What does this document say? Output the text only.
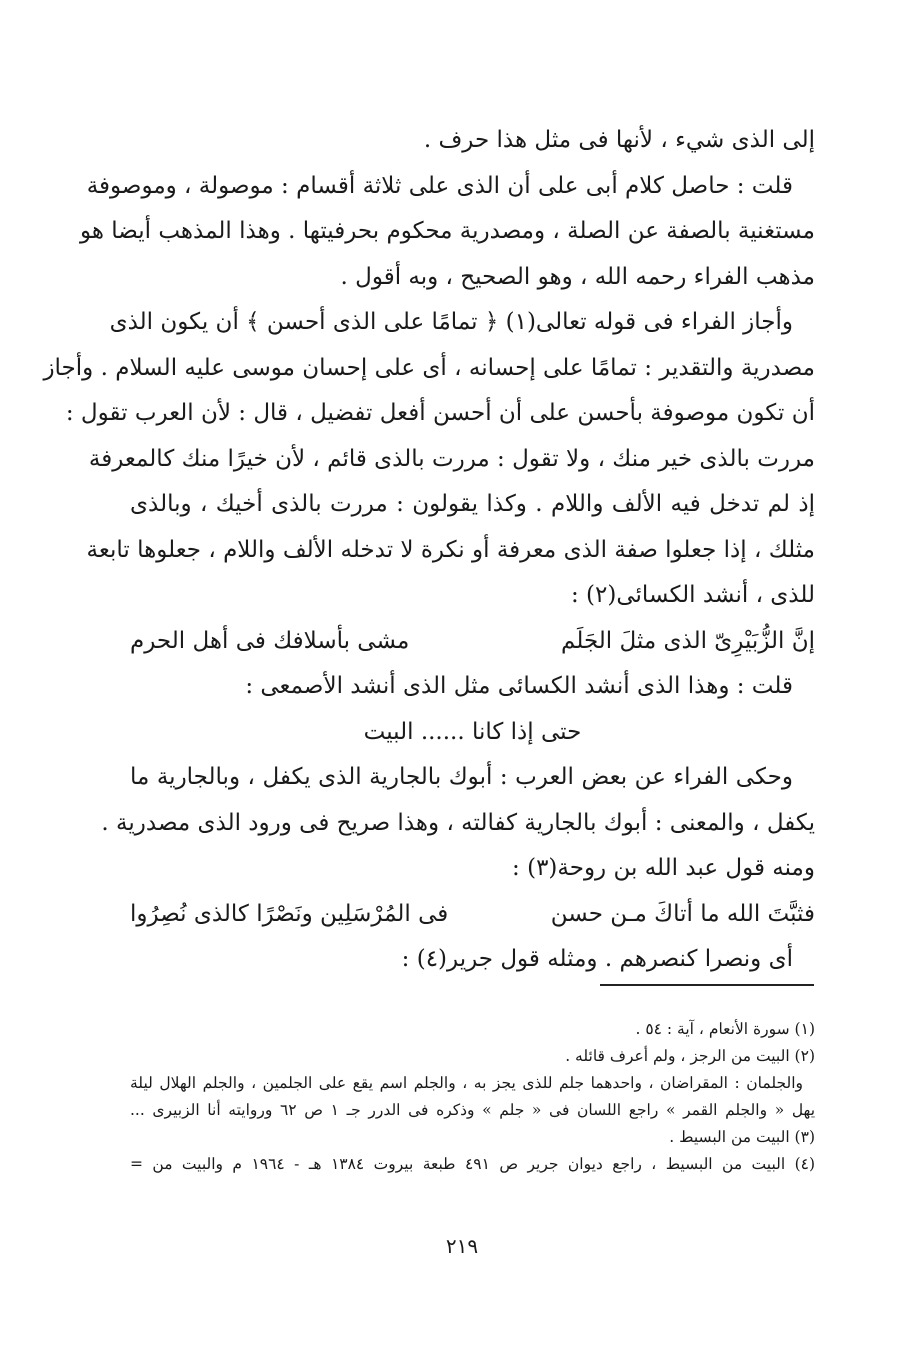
إلى الذى شيء ، لأنها فى مثل هذا حرف .
قلت : حاصل كلام أبى على أن الذى على ثلاثة أقسام : موصولة ، وموصوفة
مستغنية بالصفة عن الصلة ، ومصدرية محكوم بحرفيتها . وهذا المذهب أيضا هو
مذهب الفراء رحمه الله ، وهو الصحيح ، وبه أقول .
وأجاز الفراء فى قوله تعالى(١) ﴿ تمامًا على الذى أحسن ﴾ أن يكون الذى
مصدرية والتقدير : تمامًا على إحسانه ، أى على إحسان موسى عليه السلام . وأجاز
أن تكون موصوفة بأحسن على أن أحسن أفعل تفضيل ، قال : لأن العرب تقول :
مررت بالذى خير منك ، ولا تقول : مررت بالذى قائم ، لأن خيرًا منك كالمعرفة
إذ لم تدخل فيه الألف واللام . وكذا يقولون : مررت بالذى أخيك ، وبالذى
مثلك ، إذا جعلوا صفة الذى معرفة أو نكرة لا تدخله الألف واللام ، جعلوها تابعة
للذى ، أنشد الكسائى(٢) :
إنَّ الزُّبَيْرِىّ الذى مثلَ الجَلَم
مشى بأسلافك فى أهل الحرم
قلت : وهذا الذى أنشد الكسائى مثل الذى أنشد الأصمعى :
حتى إذا كانا ...... البيت
وحكى الفراء عن بعض العرب : أبوك بالجارية الذى يكفل ، وبالجارية ما
يكفل ، والمعنى : أبوك بالجارية كفالته ، وهذا صريح فى ورود الذى مصدرية .
ومنه قول عبد الله بن روحة(٣) :
فثبَّتَ الله ما أتاكَ مـن حسن
فى المُرْسَلِين ونَصْرًا كالذى نُصِرُوا
أى ونصرا كنصرهم . ومثله قول جرير(٤) :
(١) سورة الأنعام ، آية : ٥٤ .
(٢) البيت من الرجز ، ولم أعرف قائله .
والجلمان : المقراضان ، واحدهما جلم للذى يجز به ، والجلم اسم يقع على الجلمين ، والجلم الهلال ليلة
يهل « والجلم القمر » راجع اللسان فى « جلم » وذكره فى الدرر جـ ١ ص ٦٢ وروايته أنا الزبيرى ...
(٣) البيت من البسيط .
(٤) البيت من البسيط ، راجع ديوان جرير ص ٤٩١ طبعة بيروت ١٣٨٤ هـ - ١٩٦٤ م والبيت من =
٢١٩
